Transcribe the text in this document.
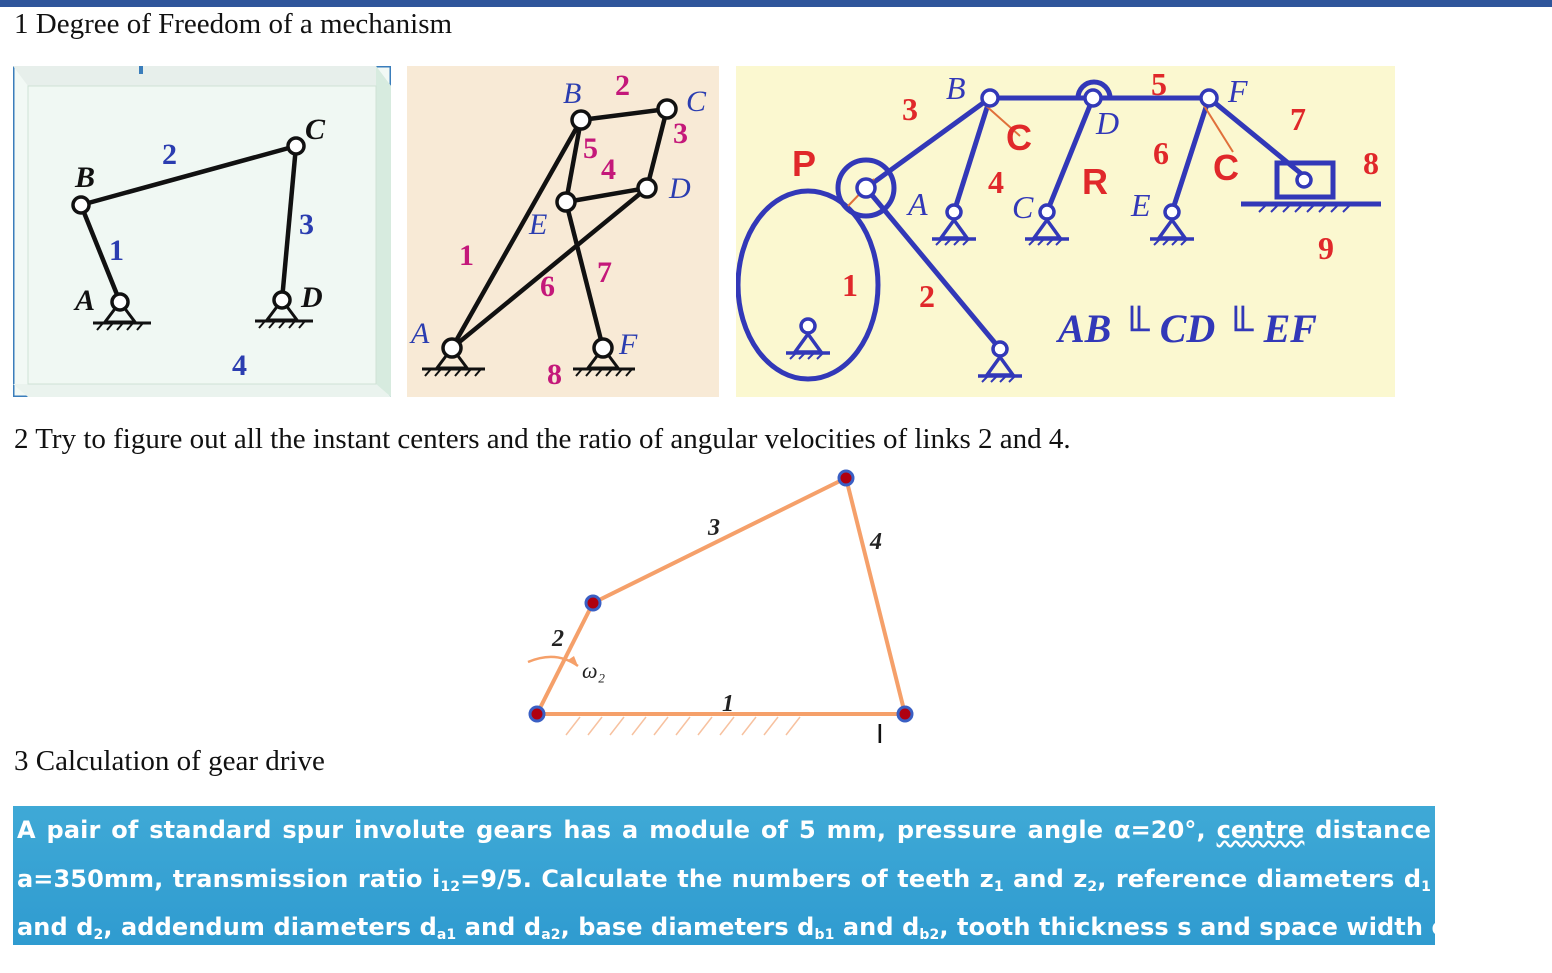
1 Degree of Freedom of a mechanism
B
C
A	D
1
2
3
4
B	C
D
E
A	F
2
3
4
5
6 7
1
8
B
D
F
A	C	E
P
C
R	C
1 2
3
4
5
6
7
8
9
AB ╙ CD ╙ EF
2 Try to figure out all the instant centers and the ratio of angular velocities of links 2 and 4.
1
2
3
4
ω₂
I
3 Calculation of gear drive
A pair of standard spur involute gears has a module of 5 mm, pressure angle α=20°, centre distance
a=350mm, transmission ratio $i_{12}=9/5$. Calculate the numbers of teeth $z_1$ and $z_2$, reference diameters $d_1$
and $d_2$, addendum diameters $d_{a1}$ and $d_{a2}$, base diameters $d_{b1}$ and $d_{b2}$, tooth thickness s and space width e.
